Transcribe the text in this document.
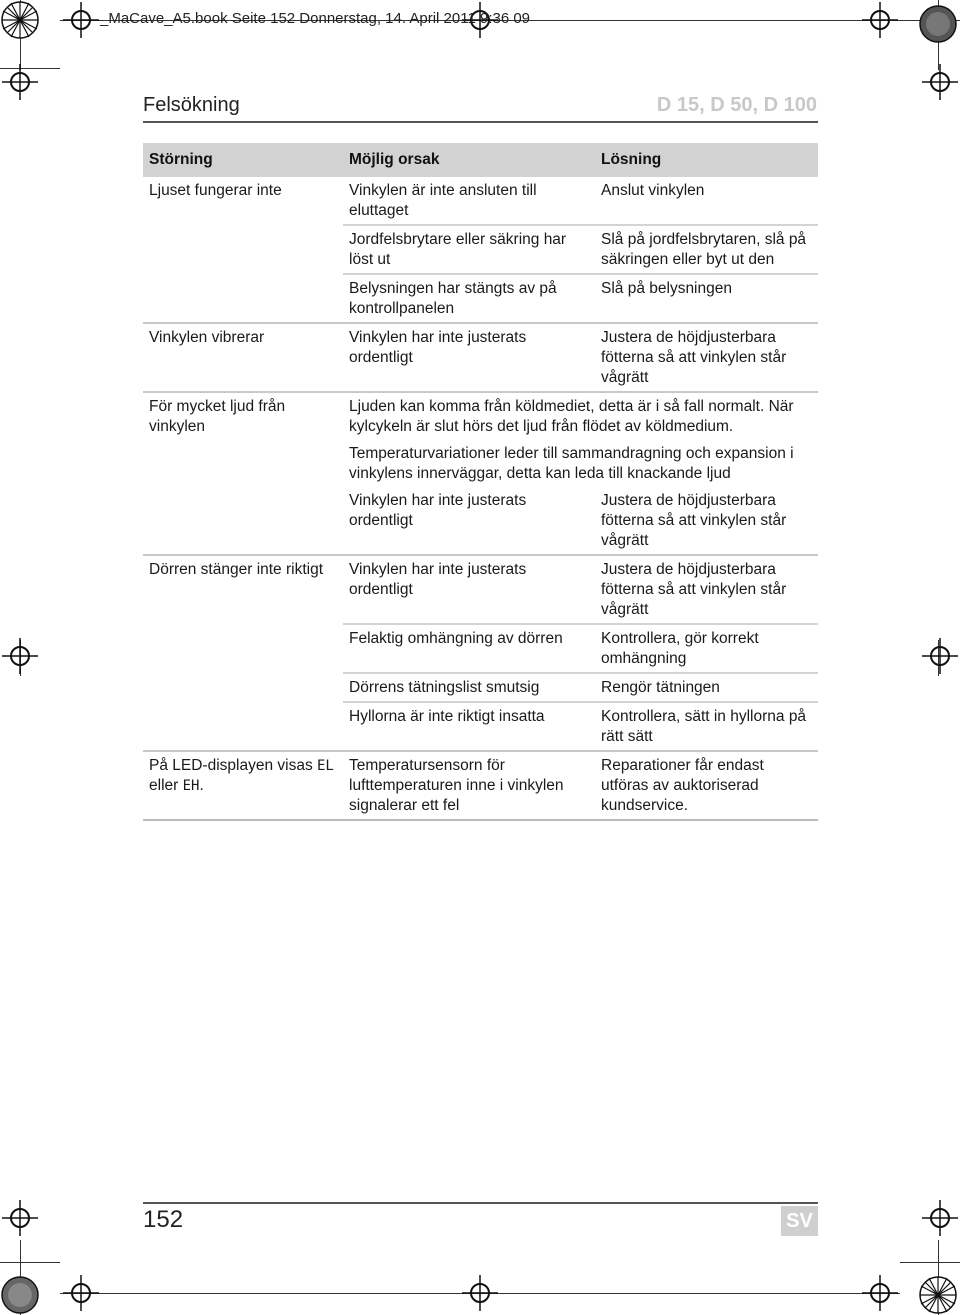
_MaCave_A5.book Seite 152 Donnerstag, 14. April 2011 9:36 09
Felsökning	D 15, D 50, D 100
Störning	Möjlig orsak	Lösning
Ljuset fungerar inte	Vinkylen är inte ansluten till eluttaget	Anslut vinkylen
	Jordfelsbrytare eller säkring har löst ut	Slå på jordfelsbrytaren, slå på säkringen eller byt ut den
	Belysningen har stängts av på kontrollpanelen	Slå på belysningen
Vinkylen vibrerar	Vinkylen har inte justerats ordentligt	Justera de höjdjusterbara fötterna så att vinkylen står vågrätt
För mycket ljud från vinkylen	Ljuden kan komma från köldmediet, detta är i så fall normalt. När kylcykeln är slut hörs det ljud från flödet av köldmedium.	
	Temperaturvariationer leder till sammandragning och expansion i vinkylens innerväggar, detta kan leda till knackande ljud	
	Vinkylen har inte justerats ordentligt	Justera de höjdjusterbara fötterna så att vinkylen står vågrätt
Dörren stänger inte riktigt	Vinkylen har inte justerats ordentligt	Justera de höjdjusterbara fötterna så att vinkylen står vågrätt
	Felaktig omhängning av dörren	Kontrollera, gör korrekt omhängning
	Dörrens tätningslist smutsig	Rengör tätningen
	Hyllorna är inte riktigt insatta	Kontrollera, sätt in hyllorna på rätt sätt
På LED-displayen visas EL eller EH.	Temperatursensorn för lufttemperaturen inne i vinkylen signalerar ett fel	Reparationer får endast utföras av auktoriserad kundservice.
152	SV
